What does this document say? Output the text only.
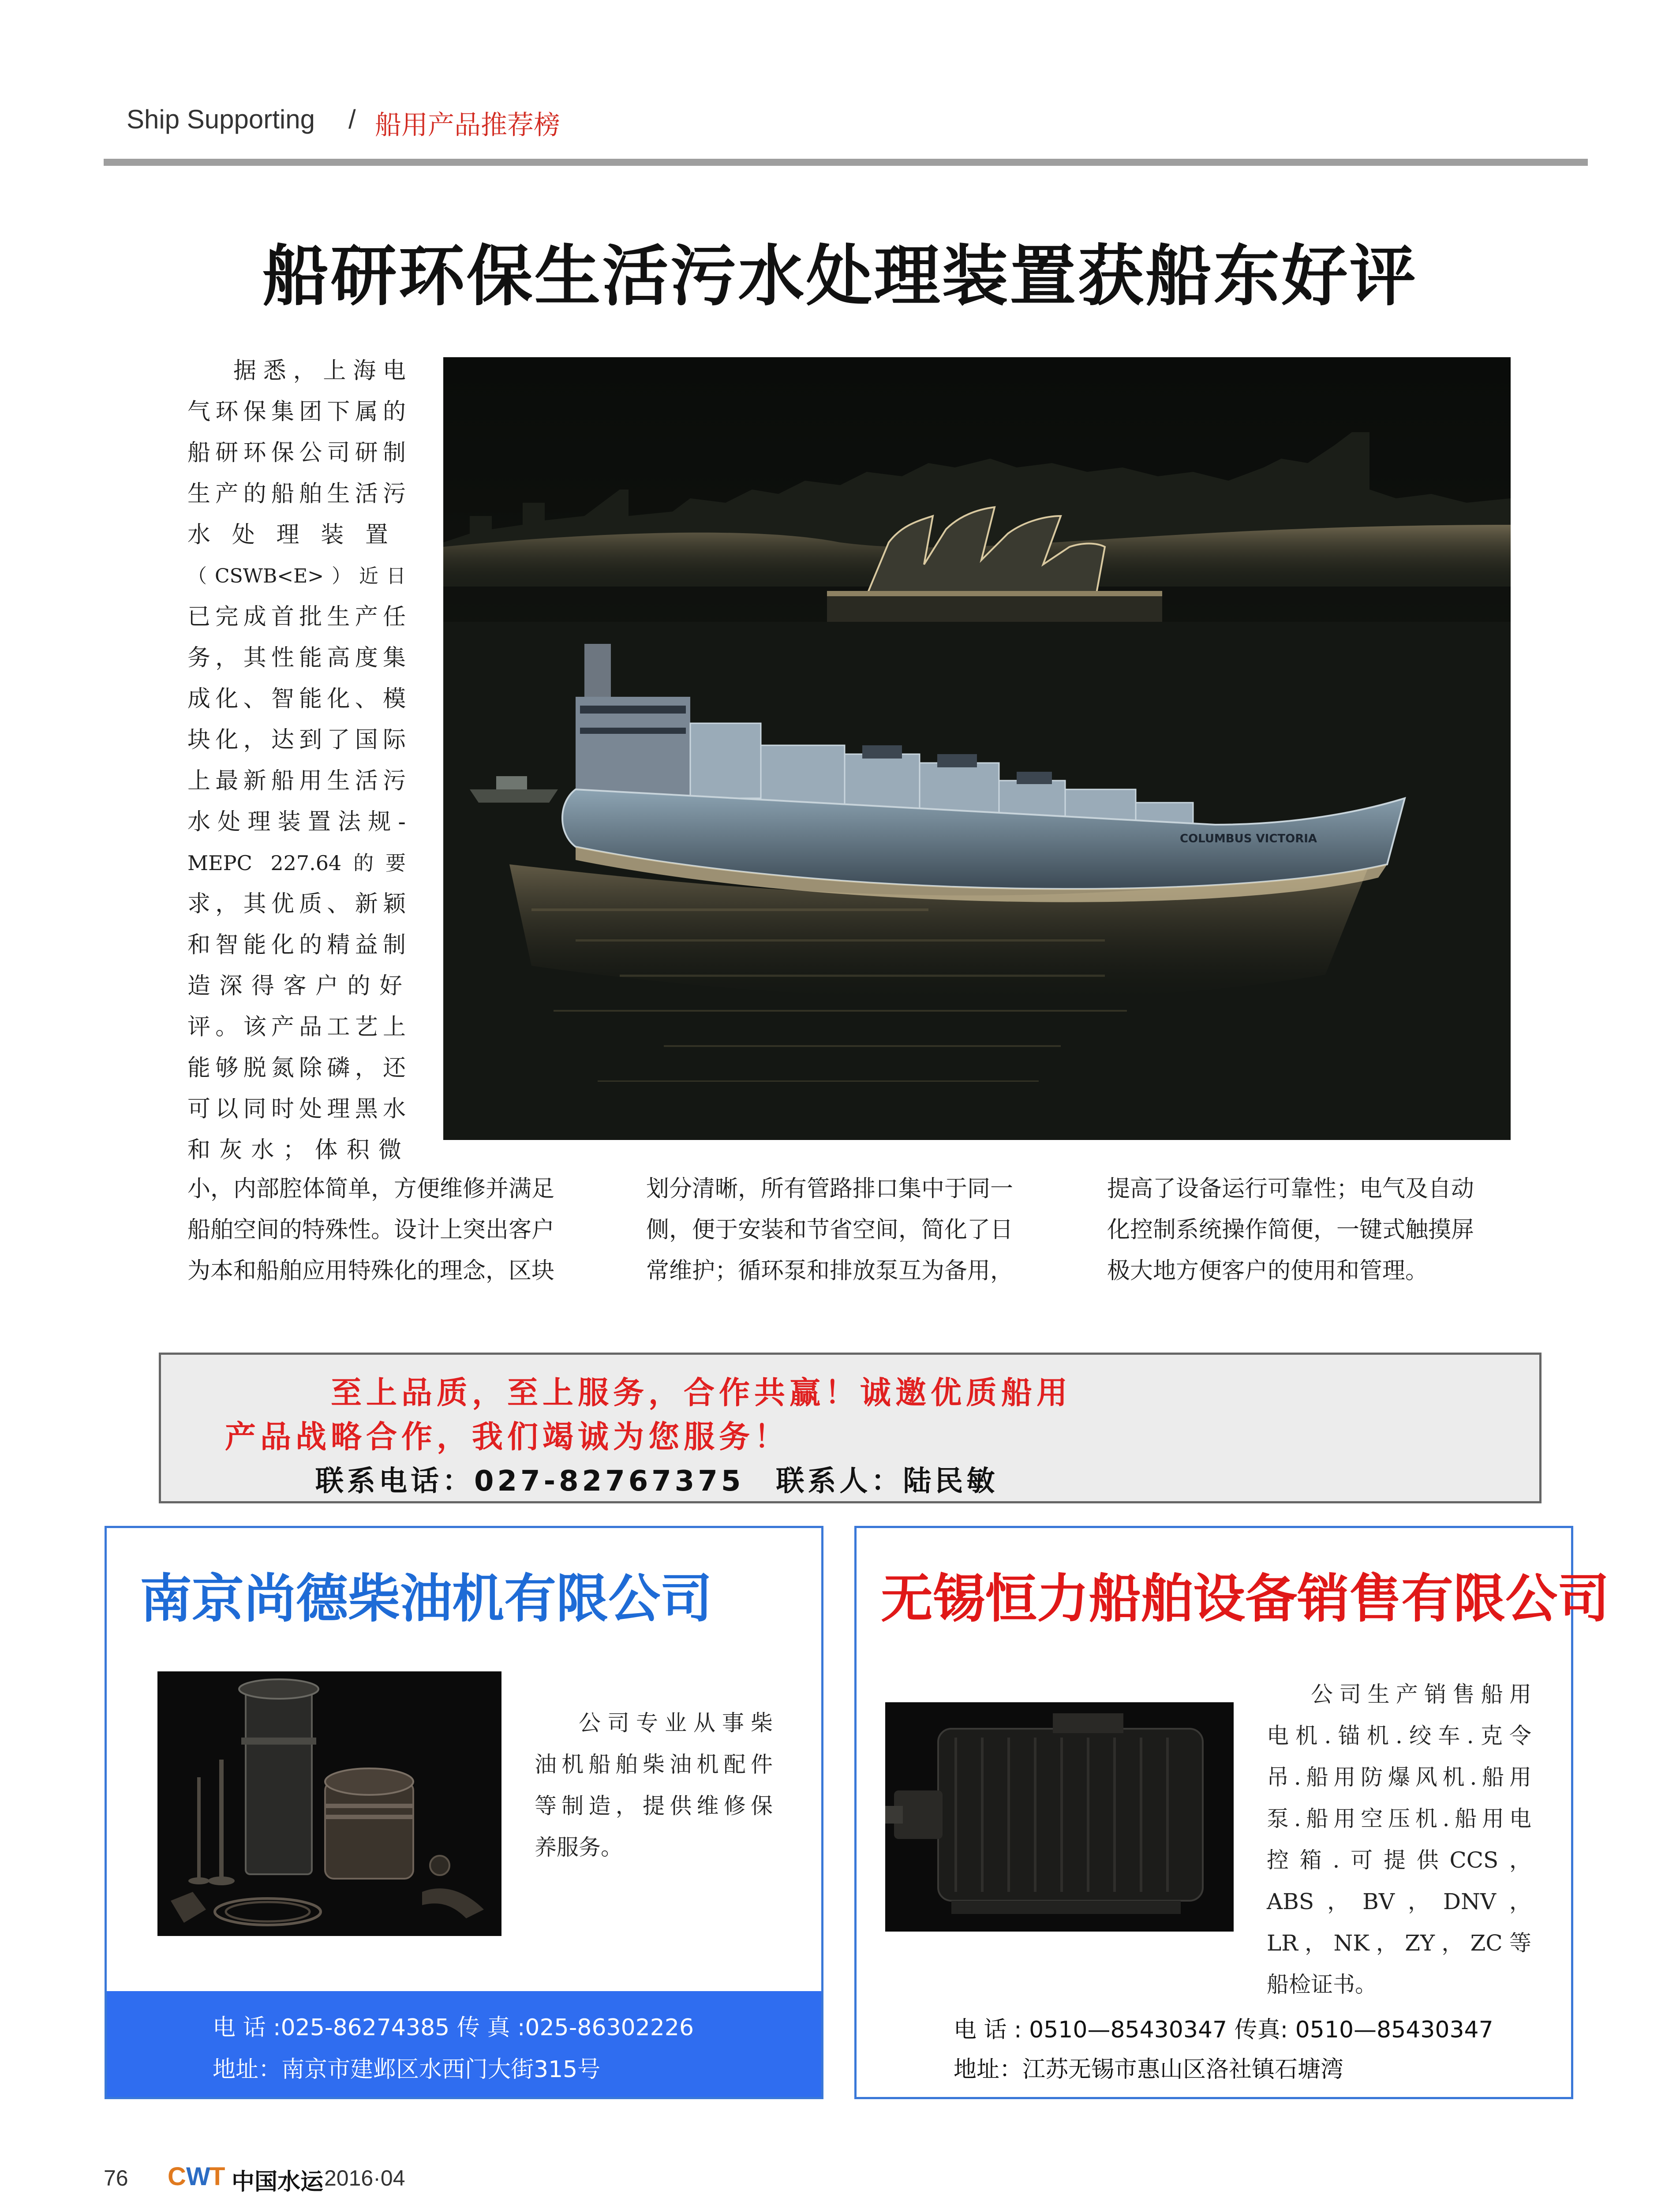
Ship Supporting / 船用产品推荐榜
船研环保生活污水处理装置获船东好评
据悉，上海电
气环保集团下属的
船研环保公司研制
生产的船舶生活污
水处理装置
（CSWB<E>）近日
已完成首批生产任
务，其性能高度集
成化、智能化、模
块化，达到了国际
上最新船用生活污
水处理装置法规-
MEPC 227.64的要
求，其优质、新颖
和智能化的精益制
造深得客户的好
评。该产品工艺上
能够脱氮除磷，还
可以同时处理黑水
和灰水；体积微
COLUMBUS VICTORIA
小，内部腔体简单，方便维修并满足
船舶空间的特殊性。设计上突出客户
为本和船舶应用特殊化的理念，区块
划分清晰，所有管路排口集中于同一
侧，便于安装和节省空间，简化了日
常维护；循环泵和排放泵互为备用，
提高了设备运行可靠性；电气及自动
化控制系统操作简便，一键式触摸屏
极大地方便客户的使用和管理。
至上品质，至上服务，合作共赢！诚邀优质船用
产品战略合作，我们竭诚为您服务！
联系电话：027-82767375　联系人：陆民敏
南京尚德柴油机有限公司
公司专业从事柴
油机船舶柴油机配件
等制造，提供维修保
养服务。
电 话 :025-86274385 传 真 :025-86302226
地址：南京市建邺区水西门大街315号
无锡恒力船舶设备销售有限公司
公司生产销售船用
电机.锚机.绞车.克令
吊.船用防爆风机.船用
泵.船用空压机.船用电
控箱.可提供CCS，
ABS，BV，DNV，
LR，NK，ZY，ZC等
船检证书。
电 话 : 0510—85430347 传真: 0510—85430347
地址：江苏无锡市惠山区洛社镇石塘湾
76 C W
T 中国水运 2016·04
